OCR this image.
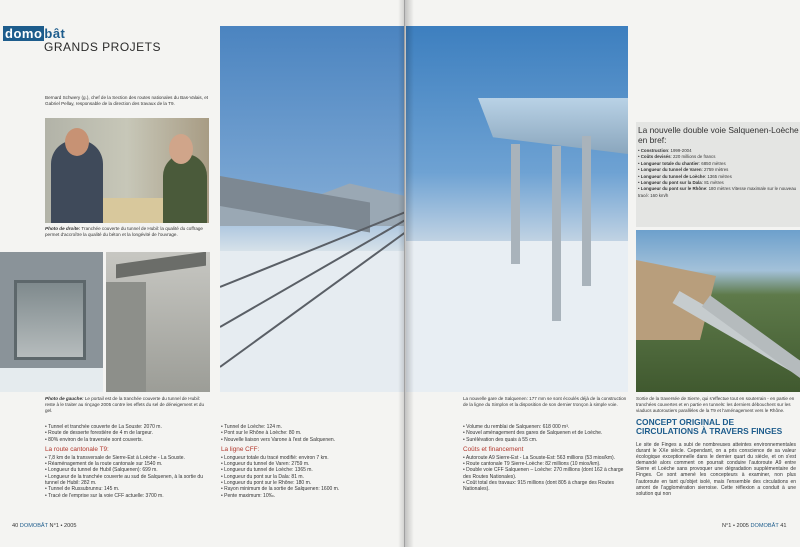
domo bât
GRANDS PROJETS
Bernard Schwery (g.), chef de la Section des routes nationales du Bas-Valais, et Gabriel Pellay, responsable de la direction des travaux de la T9.
Photo de droite: Tranchée couverte du tunnel de Hubil: la qualité du coffrage permet d'accroître la qualité du béton et la longévité de l'ouvrage.
Photo de gauche: Le portail est de la tranchée couverte du tunnel de Hubil: reste à le traiter au rinçage 2005 contre les effets du sel de déneigement et du gel.
• Tunnel et tranchée couverte de La Souste: 2070 m.
• Route de desserte forestière de 4 m de largeur.
• 80% environ de la traversée sont couverts.
La route cantonale T9:
• 7,8 km de la transversale de Sierre-Est à Loèche - La Souste.
• Réaménagement de la route cantonale sur 1540 m.
• Longueur du tunnel de Hubil (Salquenen): 699 m.
• Longueur de la tranchée couverte au sud de Salquenen, à la sortie du tunnel de Hubil: 282 m.
• Tunnel de Russubrunnu: 145 m.
• Tracé de l'emprise sur la voie CFF actuelle: 3700 m.
• Tunnel de Loèche: 124 m.
• Pont sur le Rhône à Loèche: 80 m.
• Nouvelle liaison vers Varone à l'est de Salquenen.
La ligne CFF:
• Longueur totale du tracé modifié: environ 7 km.
• Longueur du tunnel de Varen: 2759 m.
• Longueur du tunnel de Loèche: 1365 m.
• Longueur du pont sur la Dala: 81 m.
• Longueur du pont sur le Rhône: 180 m.
• Rayon minimum de la sortie de Salquenen: 1600 m.
• Pente maximum: 10‰.
40 DOMOBÂT N°1 • 2005
La nouvelle gare de Salquenen: 177 mm se sont écoulés déjà de la construction de la ligne du Simplon et la disposition de son dernier tronçon à simple voie.
• Volume du remblai de Salquenen: 618 000 m³.
• Nouvel aménagement des gares de Salquenen et de Loèche.
• Surélévation des quais à 55 cm.
Coûts et financement
• Autoroute A9 Sierre-Est - La Souste-Est: 563 millions (53 mios/km).
• Route cantonale T9 Sierre-Loèche: 82 millions (10 mios/km).
• Double voie CFF Salquenen – Loèche: 270 millions (dont 162 à charge des Routes Nationales).
• Coût total des travaux: 915 millions (dont 805 à charge des Routes Nationales).
La nouvelle double voie Salquenen-Loèche en bref:
• Construction: 1999-2004
• Coûts devisés: 220 millions de francs
• Longueur totale du chantier: 6850 mètres
• Longueur du tunnel de Varen: 2759 mètres
• Longueur du tunnel de Loèche: 1365 mètres
• Longueur du pont sur la Dala: 81 mètres
• Longueur du pont sur le Rhône: 180 mètres Vitesse maximale sur le nouveau tracé: 160 km/h
Sortie de la traversée de Sierre, qui s'effectue tout en souterrain - en partie en tranchées couvertes et en partie en tunnels: les derniers débouchent sur les viaducs autoroutiers parallèles de la T9 et l'aménagement vers le Rhône.
CONCEPT ORIGINAL DE CIRCULATIONS À TRAVERS FINGES
Le site de Finges a subi de nombreuses atteintes environnementales durant le XXe siècle. Cependant, on a pris conscience de sa valeur écologique exceptionnelle dans le dernier quart du siècle, et on s'est demandé alors comment on pourrait conduire l'autoroute A9 entre Sierre et Loèche sans provoquer une dégradation supplémentaire de Finges. Ce sont amené les concepteurs à examiner, non plus l'autoroute en tant qu'objet isolé, mais l'ensemble des circulations en amont de l'agglomération sierroise. Cette réflexion a conduit à une solution qui non
N°1 • 2005 DOMOBÂT 41
